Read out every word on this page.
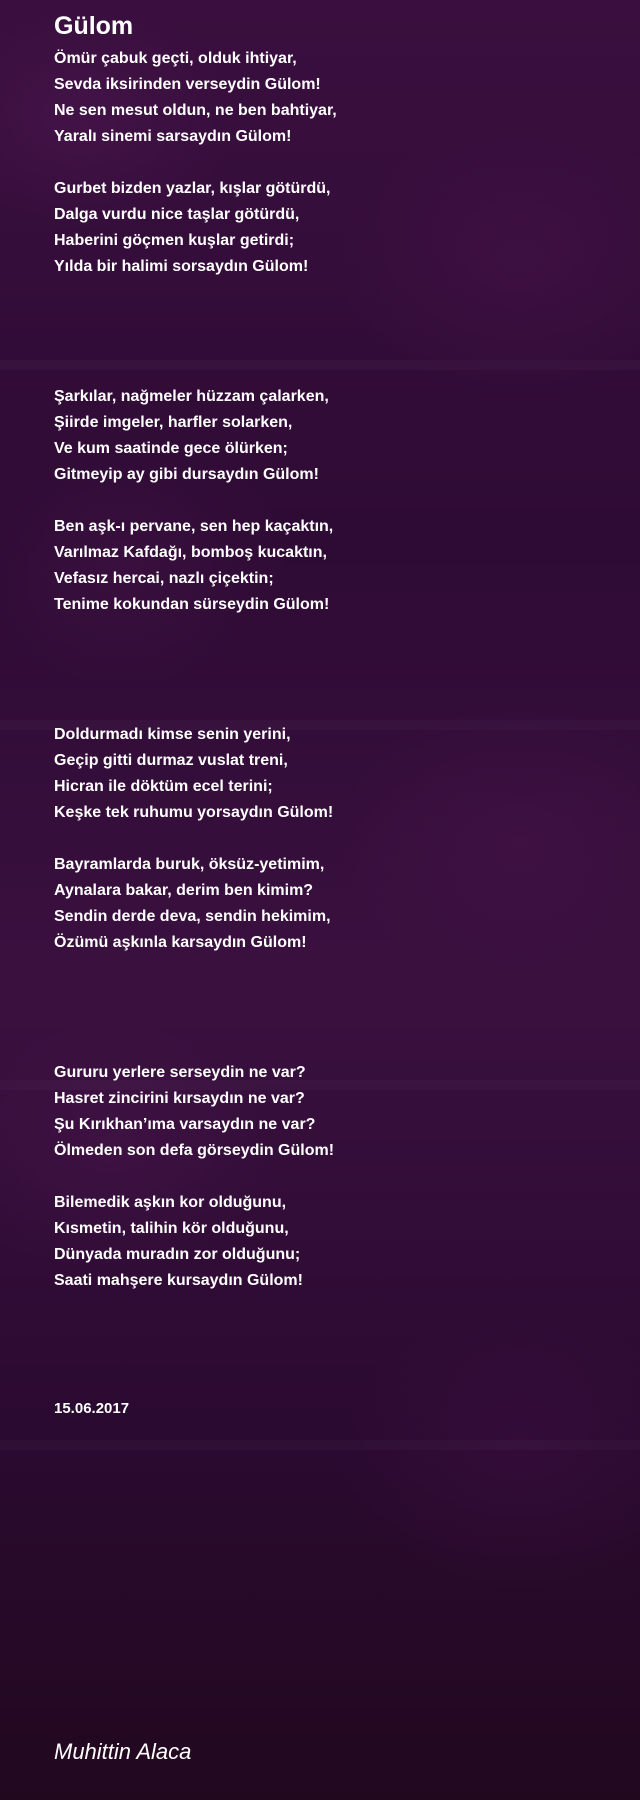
Gülom
Ömür çabuk geçti, olduk ihtiyar,
Sevda iksirinden verseydin Gülom!
Ne sen mesut oldun, ne ben bahtiyar,
Yaralı sinemi sarsaydın Gülom!
Gurbet bizden yazlar, kışlar götürdü,
Dalga vurdu nice taşlar götürdü,
Haberini göçmen kuşlar getirdi;
Yılda bir halimi sorsaydın Gülom!
Şarkılar, nağmeler hüzzam çalarken,
Şiirde imgeler, harfler solarken,
Ve kum saatinde gece ölürken;
Gitmeyip ay gibi dursaydın Gülom!
Ben aşk-ı pervane, sen hep kaçaktın,
Varılmaz Kafdağı, bomboş kucaktın,
Vefasız hercai, nazlı çiçektin;
Tenime kokundan sürseydin Gülom!
Doldurmadı kimse senin yerini,
Geçip gitti durmaz vuslat treni,
Hicran ile döktüm ecel terini;
Keşke tek ruhumu yorsaydın Gülom!
Bayramlarda buruk, öksüz-yetimim,
Aynalara bakar, derim ben kimim?
Sendin derde deva, sendin hekimim,
Özümü aşkınla karsaydın Gülom!
Gururu yerlere serseydin ne var?
Hasret zincirini kırsaydın ne var?
Şu Kırıkhan’ıma varsaydın ne var?
Ölmeden son defa görseydin Gülom!
Bilemedik aşkın kor olduğunu,
Kısmetin, talihin kör olduğunu,
Dünyada muradın zor olduğunu;
Saati mahşere kursaydın Gülom!
15.06.2017
Muhittin Alaca
